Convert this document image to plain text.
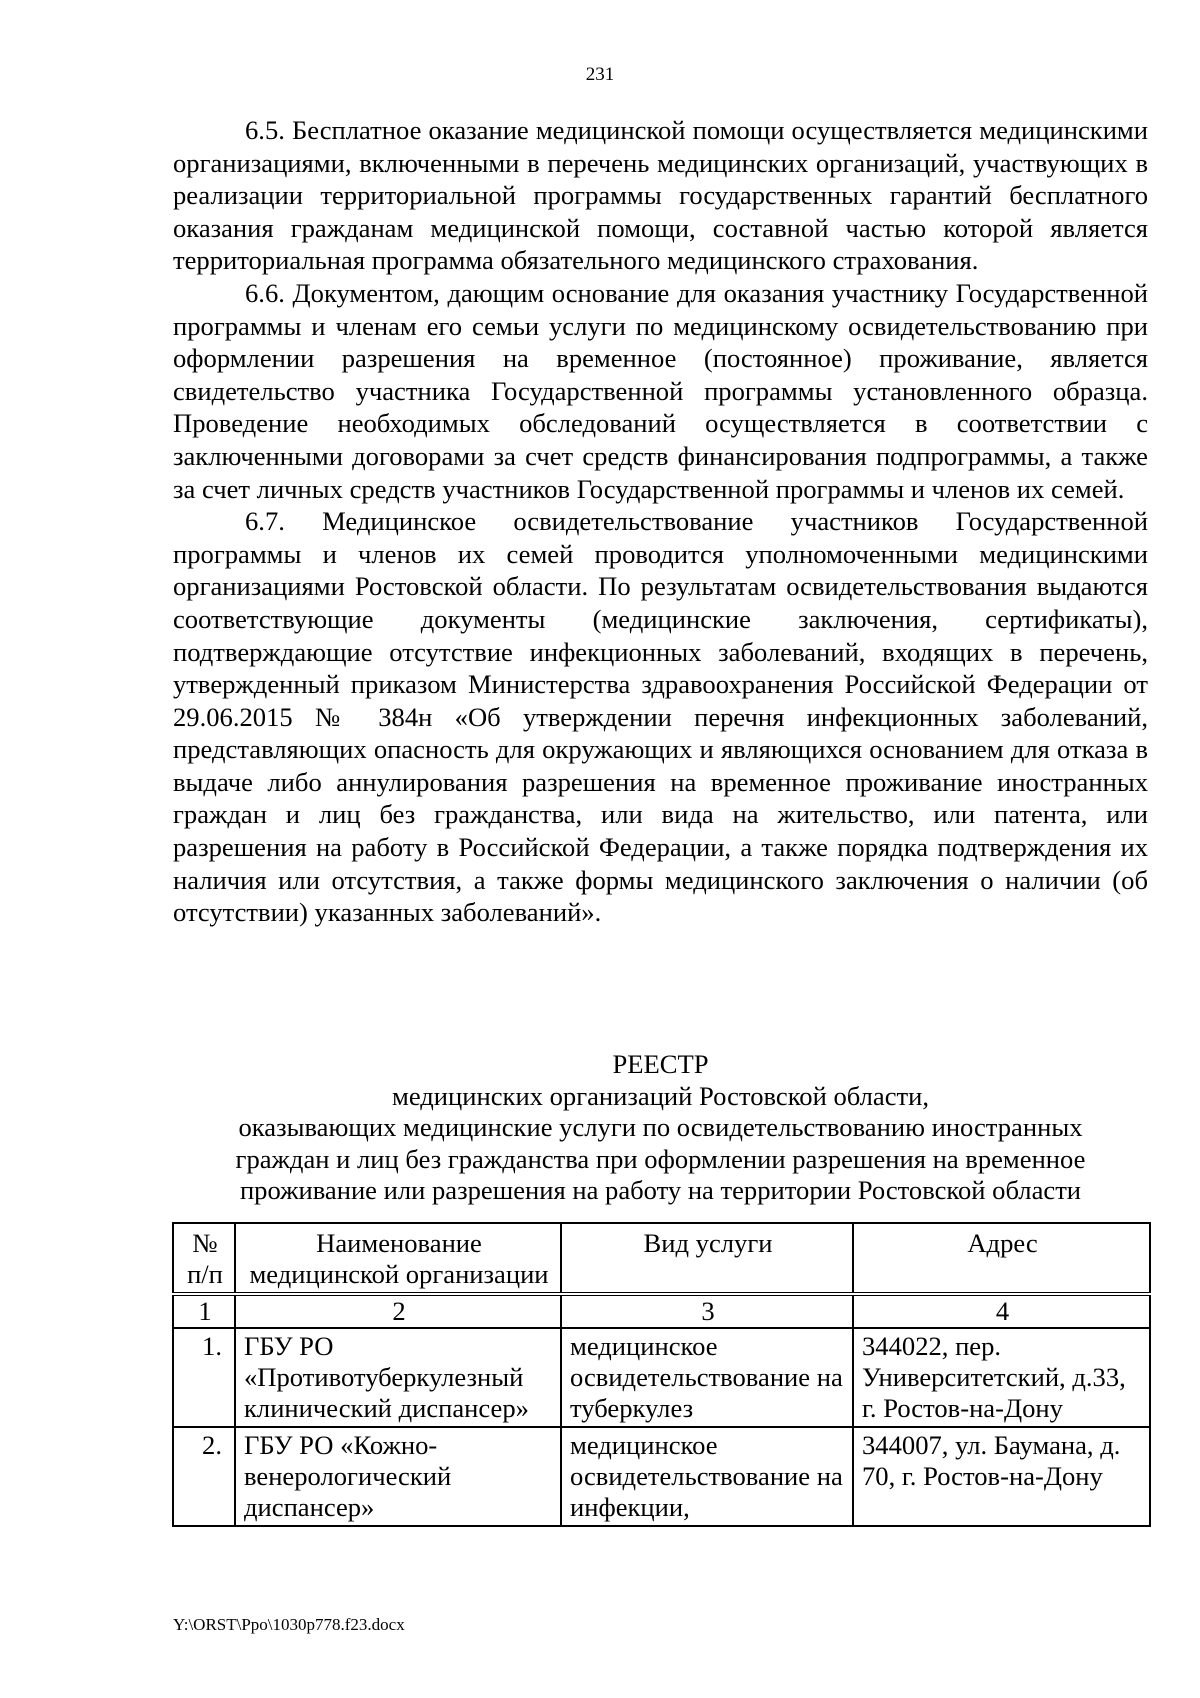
231

6.5. Бесплатное оказание медицинской помощи осуществляется медицинскими организациями, включенными в перечень медицинских организаций, участвующих в реализации территориальной программы государственных гарантий бесплатного оказания гражданам медицинской помощи, составной частью которой является территориальная программа обязательного медицинского страхования.

6.6. Документом, дающим основание для оказания участнику Государственной программы и членам его семьи услуги по медицинскому освидетельствованию при оформлении разрешения на временное (постоянное) проживание, является свидетельство участника Государственной программы установленного образца. Проведение необходимых обследований осуществляется в соответствии с заключенными договорами за счет средств финансирования подпрограммы, а также за счет личных средств участников Государственной программы и членов их семей.

6.7. Медицинское освидетельствование участников Государственной программы и членов их семей проводится уполномоченными медицинскими организациями Ростовской области. По результатам освидетельствования выдаются соответствующие документы (медицинские заключения, сертификаты), подтверждающие отсутствие инфекционных заболеваний, входящих в перечень, утвержденный приказом Министерства здравоохранения Российской Федерации от 29.06.2015 № 384н «Об утверждении перечня инфекционных заболеваний, представляющих опасность для окружающих и являющихся основанием для отказа в выдаче либо аннулирования разрешения на временное проживание иностранных граждан и лиц без гражданства, или вида на жительство, или патента, или разрешения на работу в Российской Федерации, а также порядка подтверждения их наличия или отсутствия, а также формы медицинского заключения о наличии (об отсутствии) указанных заболеваний».

РЕЕСТР
медицинских организаций Ростовской области,
оказывающих медицинские услуги по освидетельствованию иностранных
граждан и лиц без гражданства при оформлении разрешения на временное
проживание или разрешения на работу на территории Ростовской области
№ п/п	Наименование медицинской организации	Вид услуги	Адрес
1	2	3	4
1.	ГБУ РО «Противотуберкулезный клинический диспансер»	медицинское освидетельствование на туберкулез	344022, пер. Университетский, д.33, г. Ростов-на-Дону
2.	ГБУ РО «Кожно-венерологический диспансер»	медицинское освидетельствование на инфекции,	344007, ул. Баумана, д. 70, г. Ростов-на-Дону
Y:\ORST\Ppo\1030p778.f23.docx
